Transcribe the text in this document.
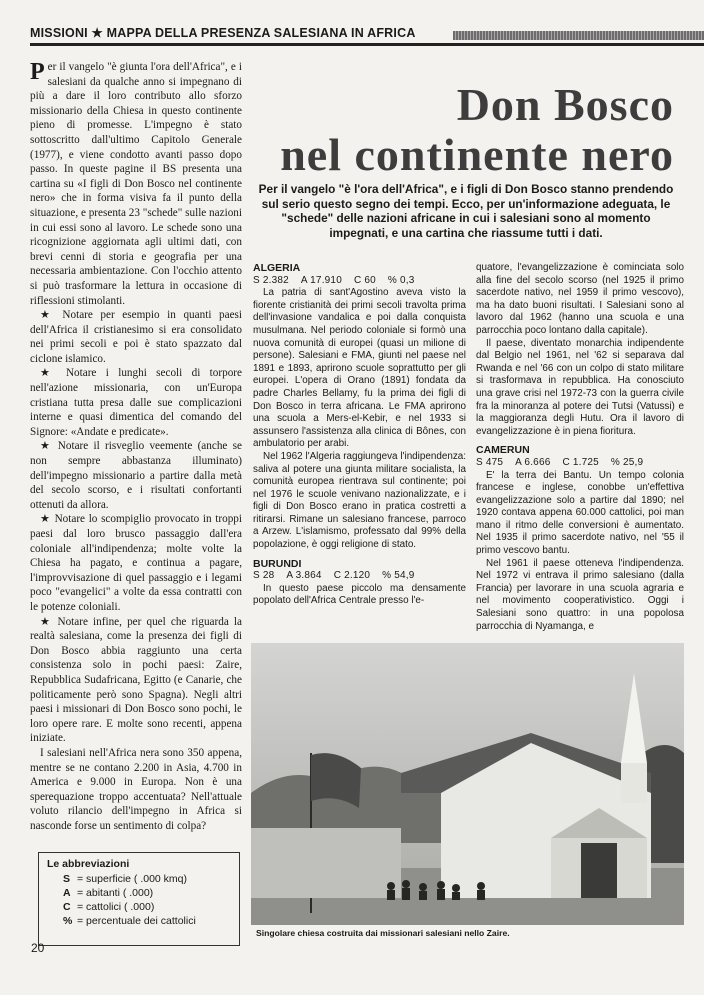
MISSIONI ★ MAPPA DELLA PRESENZA SALESIANA IN AFRICA

Per il vangelo "è giunta l'ora dell'Africa", e i salesiani da qualche anno si impegnano di più a dare il loro contributo allo sforzo missionario della Chiesa in questo continente pieno di promesse. L'impegno è stato sottoscritto dall'ultimo Capitolo Generale (1977), e viene condotto avanti passo dopo passo. In queste pagine il BS presenta una cartina su «I figli di Don Bosco nel continente nero» che in forma visiva fa il punto della situazione, e presenta 23 "schede" sulle nazioni in cui essi sono al lavoro. Le schede sono una ricognizione aggiornata agli ultimi dati, con brevi cenni di storia e geografia per una necessaria ambientazione. Con l'occhio attento si può trasformare la lettura in occasione di riflessioni stimolanti.

★ Notare per esempio in quanti paesi dell'Africa il cristianesimo si era consolidato nei primi secoli e poi è stato spazzato dal ciclone islamico.

★ Notare i lunghi secoli di torpore nell'azione missionaria, con un'Europa cristiana tutta presa dalle sue complicazioni interne e quasi dimentica del comando del Signore: «Andate e predicate».

★ Notare il risveglio veemente (anche se non sempre abbastanza illuminato) dell'impegno missionario a partire dalla metà del secolo scorso, e i risultati confortanti ottenuti da allora.

★ Notare lo scompiglio provocato in troppi paesi dal loro brusco passaggio dall'era coloniale all'indipendenza; molte volte la Chiesa ha pagato, e continua a pagare, l'improvvisazione di quel passaggio e i legami poco "evangelici" a volte da essa contratti con le potenze coloniali.

★ Notare infine, per quel che riguarda la realtà salesiana, come la presenza dei figli di Don Bosco abbia raggiunto una certa consistenza solo in pochi paesi: Zaire, Repubblica Sudafricana, Egitto (e Canarie, che politicamente però sono Spagna). Negli altri paesi i missionari di Don Bosco sono pochi, le loro opere rare. E molte sono recenti, appena iniziate.

I salesiani nell'Africa nera sono 350 appena, mentre se ne contano 2.200 in Asia, 4.700 in America e 9.000 in Europa. Non è una sperequazione troppo accentuata? Nell'attuale voluto rilancio dell'impegno in Africa si nasconde forse un sentimento di colpa?

Le abbreviazioni
S = superficie ( .000 kmq)
A = abitanti ( .000)
C = cattolici ( .000)
% = percentuale dei cattolici
Don Bosco
nel continente nero
Per il vangelo "è l'ora dell'Africa", e i figli di Don Bosco stanno prendendo sul serio questo segno dei tempi. Ecco, per un'informazione adeguata, le "schede" delle nazioni africane in cui i salesiani sono al momento impegnati, e una cartina che riassume tutti i dati.
ALGERIA
S 2.382 A 17.910 C 60 % 0,3

La patria di sant'Agostino aveva visto la fiorente cristianità dei primi secoli travolta prima dell'invasione vandalica e poi dalla conquista musulmana. Nel periodo coloniale si formò una nuova comunità di europei (quasi un milione di persone). Salesiani e FMA, giunti nel paese nel 1891 e 1893, aprirono scuole soprattutto per gli europei. L'opera di Orano (1891) fondata da padre Charles Bellamy, fu la prima dei figli di Don Bosco in terra africana. Le FMA aprirono una scuola a Mers-el-Kebir, e nel 1933 si assunsero l'assistenza alla clinica di Bônes, con ambulatorio per arabi.

Nel 1962 l'Algeria raggiungeva l'indipendenza: saliva al potere una giunta militare socialista, la comunità europea rientrava sul continente; poi nel 1976 le scuole venivano nazionalizzate, e i figli di Don Bosco erano in pratica costretti a ritirarsi. Rimane un salesiano francese, parroco a Arzew. L'islamismo, professato dal 99% della popolazione, è oggi religione di stato.

BURUNDI
S 28 A 3.864 C 2.120 % 54,9

In questo paese piccolo ma densamente popolato dell'Africa Centrale presso l'e-

quatore, l'evangelizzazione è cominciata solo alla fine del secolo scorso (nel 1925 il primo sacerdote nativo, nel 1959 il primo vescovo), ma ha dato buoni risultati. I Salesiani sono al lavoro dal 1962 (hanno una scuola e una parrocchia poco lontano dalla capitale).

Il paese, diventato monarchia indipendente dal Belgio nel 1961, nel '62 si separava dal Rwanda e nel '66 con un colpo di stato militare si trasformava in repubblica. Ha conosciuto una grave crisi nel 1972-73 con la guerra civile fra la minoranza al potere dei Tutsi (Vatussi) e la maggioranza degli Hutu. Ora il lavoro di evangelizzazione è in piena fioritura.

CAMERUN
S 475 A 6.666 C 1.725 % 25,9

E' la terra dei Bantu. Un tempo colonia francese e inglese, conobbe un'effettiva evangelizzazione solo a partire dal 1890; nel 1920 contava appena 60.000 cattolici, poi man mano il ritmo delle conversioni è aumentato. Nel 1935 il primo sacerdote nativo, nel '55 il primo vescovo bantu.

Nel 1961 il paese otteneva l'indipendenza. Nel 1972 vi entrava il primo salesiano (dalla Francia) per lavorare in una scuola agraria e nel movimento cooperativistico. Oggi i Salesiani sono quattro: in una popolosa parrocchia di Nyamanga, e

Singolare chiesa costruita dai missionari salesiani nello Zaire.
20
